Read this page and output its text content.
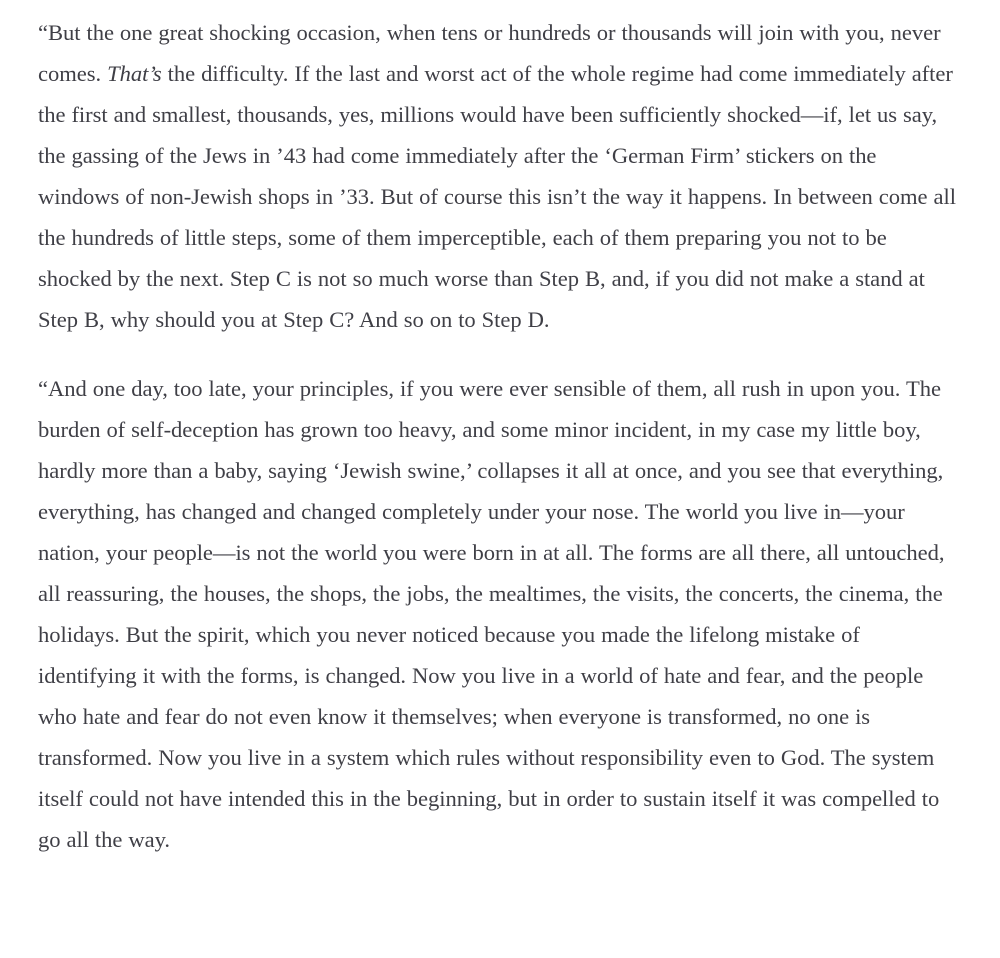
“But the one great shocking occasion, when tens or hundreds or thousands will join with you, never comes. That’s the difficulty. If the last and worst act of the whole regime had come immediately after the first and smallest, thousands, yes, millions would have been sufficiently shocked—if, let us say, the gassing of the Jews in ’43 had come immediately after the ‘German Firm’ stickers on the windows of non-Jewish shops in ’33. But of course this isn’t the way it happens. In between come all the hundreds of little steps, some of them imperceptible, each of them preparing you not to be shocked by the next. Step C is not so much worse than Step B, and, if you did not make a stand at Step B, why should you at Step C? And so on to Step D.

“And one day, too late, your principles, if you were ever sensible of them, all rush in upon you. The burden of self-deception has grown too heavy, and some minor incident, in my case my little boy, hardly more than a baby, saying ‘Jewish swine,’ collapses it all at once, and you see that everything, everything, has changed and changed completely under your nose. The world you live in—your nation, your people—is not the world you were born in at all. The forms are all there, all untouched, all reassuring, the houses, the shops, the jobs, the mealtimes, the visits, the concerts, the cinema, the holidays. But the spirit, which you never noticed because you made the lifelong mistake of identifying it with the forms, is changed. Now you live in a world of hate and fear, and the people who hate and fear do not even know it themselves; when everyone is transformed, no one is transformed. Now you live in a system which rules without responsibility even to God. The system itself could not have intended this in the beginning, but in order to sustain itself it was compelled to go all the way.
